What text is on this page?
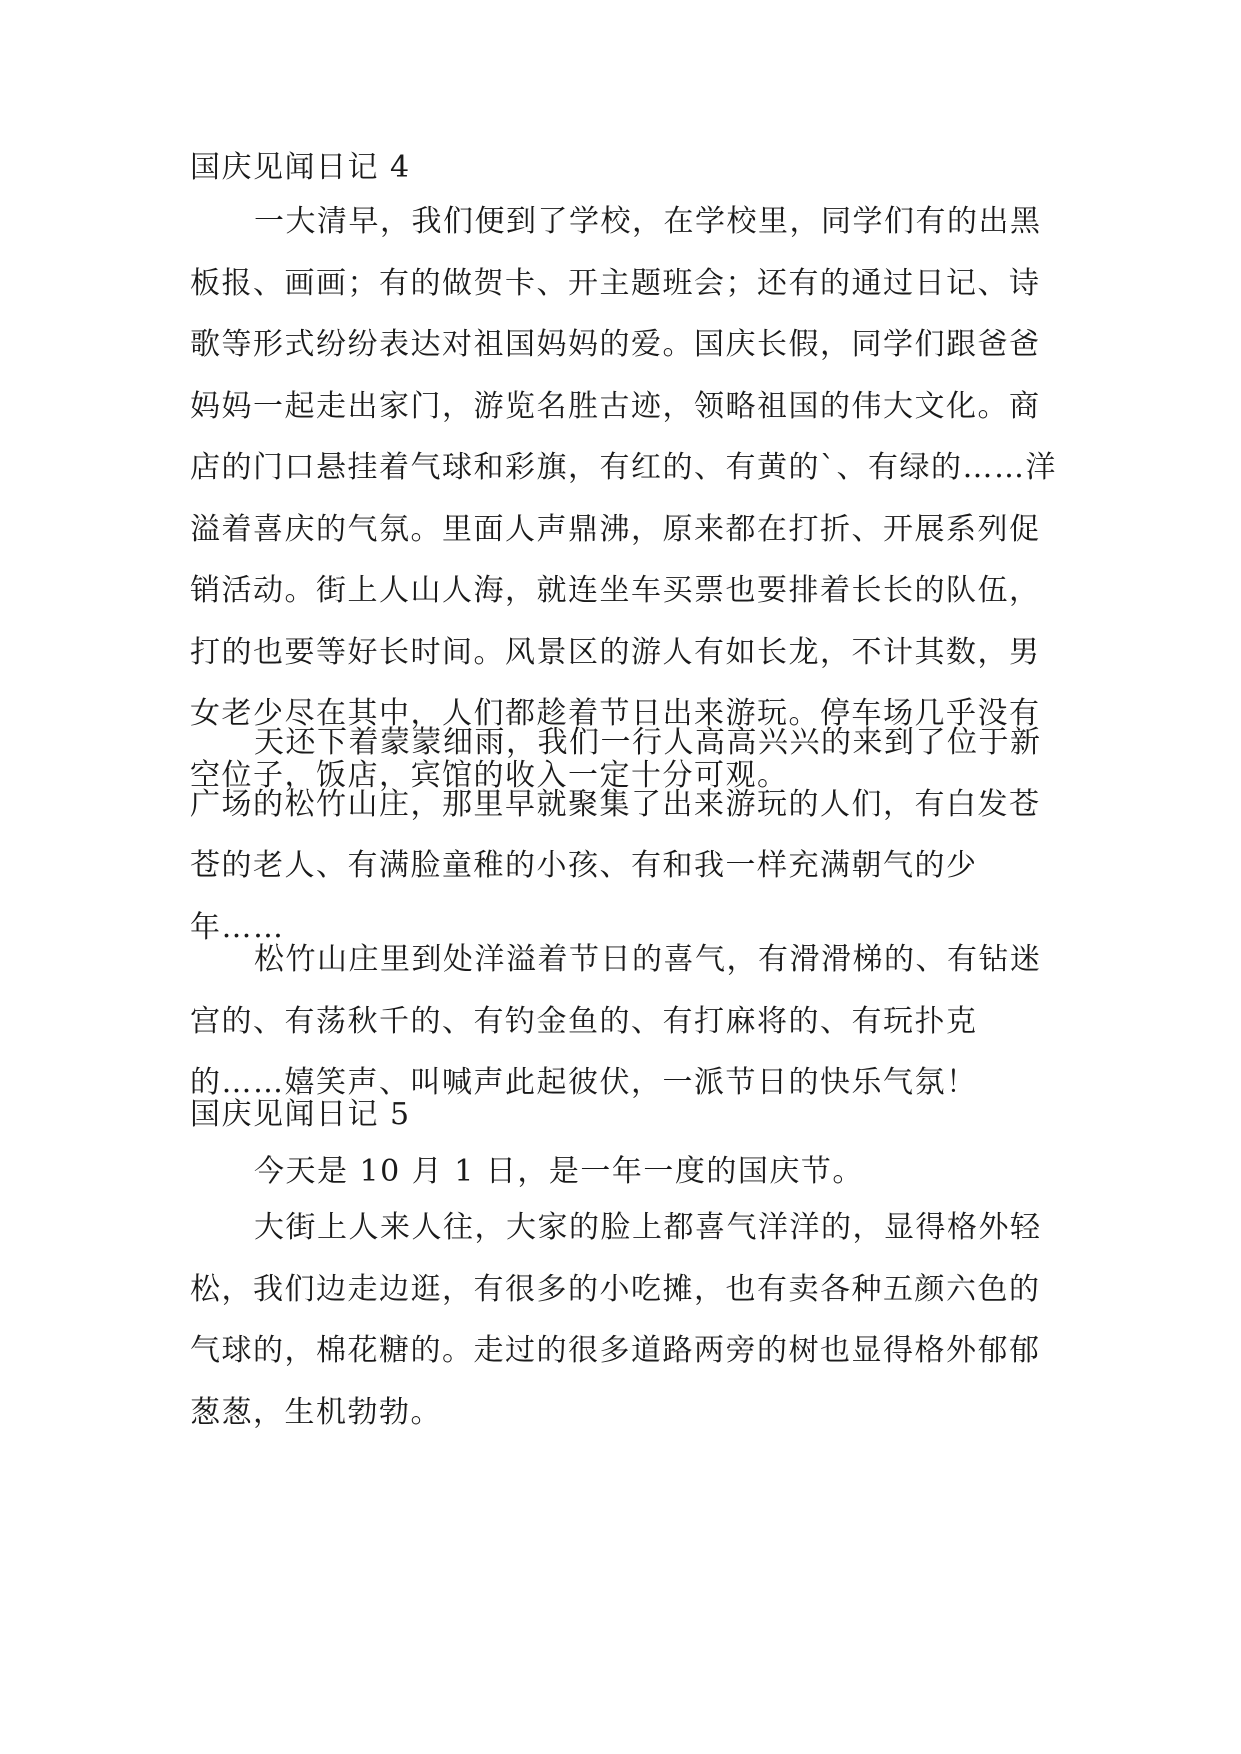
国庆见闻日记 4
一大清早，我们便到了学校，在学校里，同学们有的出黑板报、画画；有的做贺卡、开主题班会；还有的通过日记、诗歌等形式纷纷表达对祖国妈妈的爱。国庆长假，同学们跟爸爸妈妈一起走出家门，游览名胜古迹，领略祖国的伟大文化。商店的门口悬挂着气球和彩旗，有红的、有黄的`、有绿的……洋溢着喜庆的气氛。里面人声鼎沸，原来都在打折、开展系列促销活动。街上人山人海，就连坐车买票也要排着长长的队伍，打的也要等好长时间。风景区的游人有如长龙，不计其数，男女老少尽在其中，人们都趁着节日出来游玩。停车场几乎没有空位子，饭店，宾馆的收入一定十分可观。
天还下着蒙蒙细雨，我们一行人高高兴兴的来到了位于新广场的松竹山庄，那里早就聚集了出来游玩的人们，有白发苍苍的老人、有满脸童稚的小孩、有和我一样充满朝气的少年……
松竹山庄里到处洋溢着节日的喜气，有滑滑梯的、有钻迷宫的、有荡秋千的、有钓金鱼的、有打麻将的、有玩扑克的……嬉笑声、叫喊声此起彼伏，一派节日的快乐气氛！
国庆见闻日记 5
今天是 10 月 1 日，是一年一度的国庆节。
大街上人来人往，大家的脸上都喜气洋洋的，显得格外轻松，我们边走边逛，有很多的小吃摊，也有卖各种五颜六色的气球的，棉花糖的。走过的很多道路两旁的树也显得格外郁郁葱葱，生机勃勃。
